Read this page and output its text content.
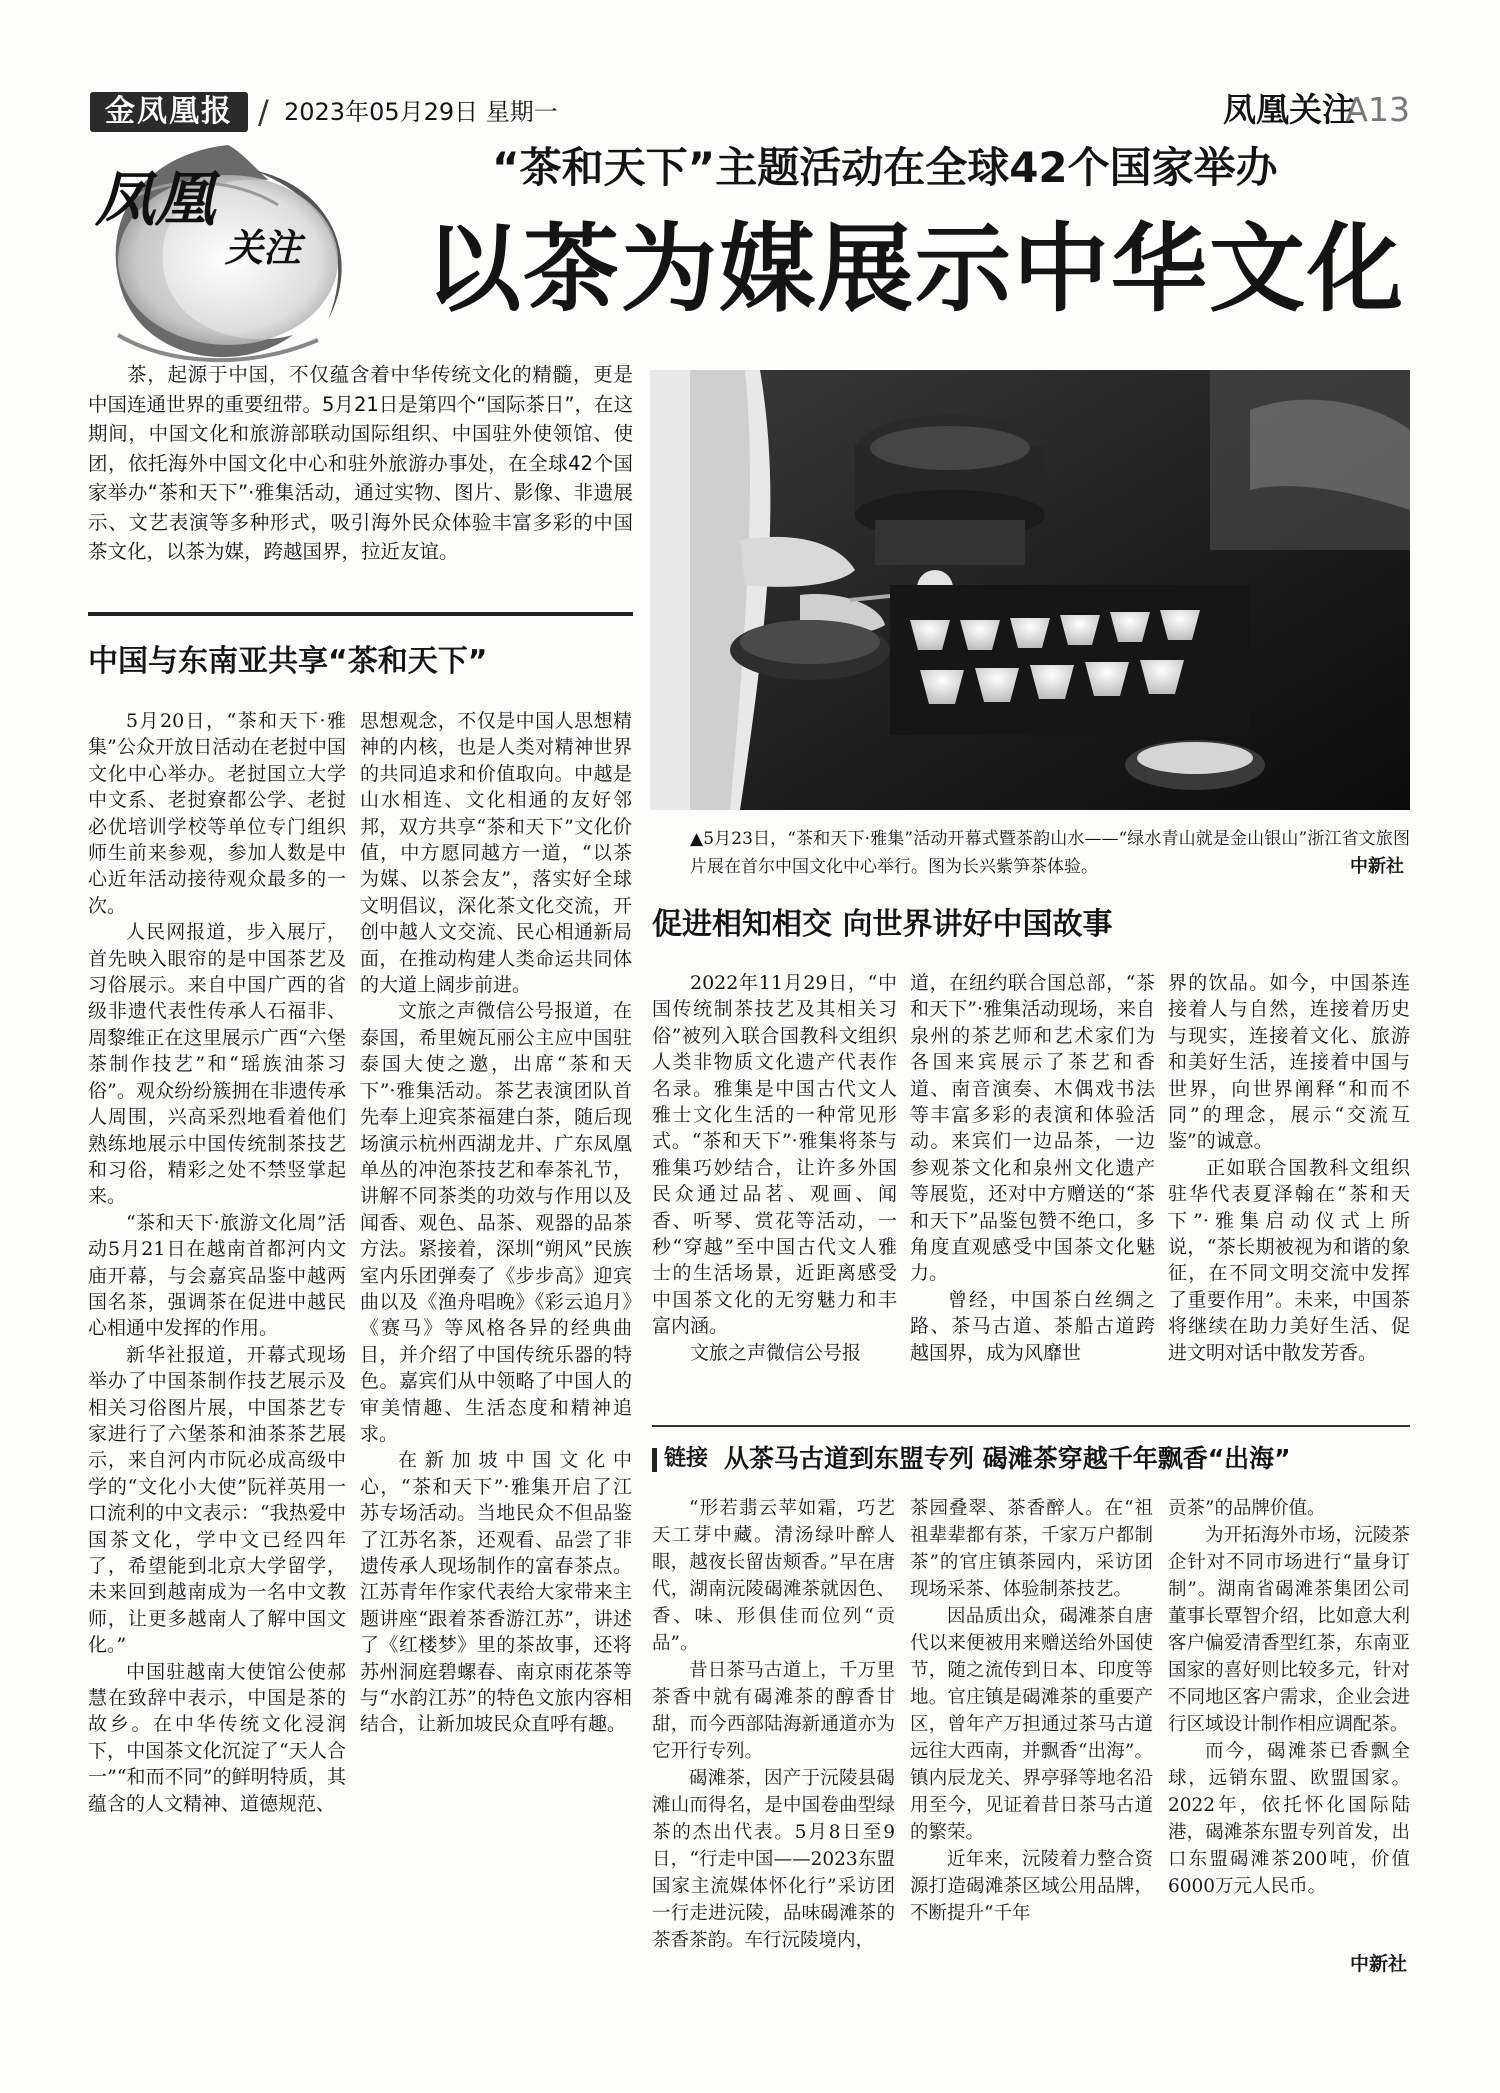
金凤凰报 / 2023年05月29日 星期一	凤凰关注
A13
凤凰
关注
“茶和天下”主题活动在全球42个国家举办
以茶为媒展示中华文化
茶，起源于中国，不仅蕴含着中华传统文化的精髓，更是中国连通世界的重要纽带。5月21日是第四个“国际茶日”，在这期间，中国文化和旅游部联动国际组织、中国驻外使领馆、使团，依托海外中国文化中心和驻外旅游办事处，在全球42个国家举办“茶和天下”·雅集活动，通过实物、图片、影像、非遗展示、文艺表演等多种形式，吸引海外民众体验丰富多彩的中国茶文化，以茶为媒，跨越国界，拉近友谊。
▲5月23日，“茶和天下·雅集”活动开幕式暨茶韵山水——“绿水青山就是金山银山”浙江省文旅图片展在首尔中国文化中心举行。图为长兴紫笋茶体验。	中新社
中国与东南亚共享“茶和天下”

5月20日，“茶和天下·雅集”公众开放日活动在老挝中国文化中心举办。老挝国立大学中文系、老挝寮都公学、老挝必优培训学校等单位专门组织师生前来参观，参加人数是中心近年活动接待观众最多的一次。

人民网报道，步入展厅，首先映入眼帘的是中国茶艺及习俗展示。来自中国广西的省级非遗代表性传承人石福非、周黎维正在这里展示广西“六堡茶制作技艺”和“瑶族油茶习俗”。观众纷纷簇拥在非遗传承人周围，兴高采烈地看着他们熟练地展示中国传统制茶技艺和习俗，精彩之处不禁竖掌起来。

“茶和天下·旅游文化周”活动5月21日在越南首都河内文庙开幕，与会嘉宾品鉴中越两国名茶，强调茶在促进中越民心相通中发挥的作用。

新华社报道，开幕式现场举办了中国茶制作技艺展示及相关习俗图片展，中国茶艺专家进行了六堡茶和油茶茶艺展示，来自河内市阮必成高级中学的“文化小大使”阮祥英用一口流利的中文表示：“我热爱中国茶文化，学中文已经四年了，希望能到北京大学留学，未来回到越南成为一名中文教师，让更多越南人了解中国文化。”

中国驻越南大使馆公使郝慧在致辞中表示，中国是茶的故乡。在中华传统文化浸润下，中国茶文化沉淀了“天人合一”“和而不同”的鲜明特质，其蕴含的人文精神、道德规范、

思想观念，不仅是中国人思想精神的内核，也是人类对精神世界的共同追求和价值取向。中越是山水相连、文化相通的友好邻邦，双方共享“茶和天下”文化价值，中方愿同越方一道，“以茶为媒、以茶会友”，落实好全球文明倡议，深化茶文化交流，开创中越人文交流、民心相通新局面，在推动构建人类命运共同体的大道上阔步前进。

文旅之声微信公号报道，在泰国，希里婉瓦丽公主应中国驻泰国大使之邀，出席“茶和天下”·雅集活动。茶艺表演团队首先奉上迎宾茶福建白茶，随后现场演示杭州西湖龙井、广东凤凰单丛的冲泡茶技艺和奉茶礼节，讲解不同茶类的功效与作用以及闻香、观色、品茶、观器的品茶方法。紧接着，深圳“朔风”民族室内乐团弹奏了《步步高》迎宾曲以及《渔舟唱晚》《彩云追月》《赛马》等风格各异的经典曲目，并介绍了中国传统乐器的特色。嘉宾们从中领略了中国人的审美情趣、生活态度和精神追求。

在新加坡中国文化中心，“茶和天下”·雅集开启了江苏专场活动。当地民众不但品鉴了江苏名茶，还观看、品尝了非遗传承人现场制作的富春茶点。江苏青年作家代表给大家带来主题讲座“跟着茶香游江苏”，讲述了《红楼梦》里的茶故事，还将苏州洞庭碧螺春、南京雨花茶等与“水韵江苏”的特色文旅内容相结合，让新加坡民众直呼有趣。

促进相知相交 向世界讲好中国故事

2022年11月29日，“中国传统制茶技艺及其相关习俗”被列入联合国教科文组织人类非物质文化遗产代表作名录。雅集是中国古代文人雅士文化生活的一种常见形式。“茶和天下”·雅集将茶与雅集巧妙结合，让许多外国民众通过品茗、观画、闻香、听琴、赏花等活动，一秒“穿越”至中国古代文人雅士的生活场景，近距离感受中国茶文化的无穷魅力和丰富内涵。

文旅之声微信公号报

道，在纽约联合国总部，“茶和天下”·雅集活动现场，来自泉州的茶艺师和艺术家们为各国来宾展示了茶艺和香道、南音演奏、木偶戏书法等丰富多彩的表演和体验活动。来宾们一边品茶，一边参观茶文化和泉州文化遗产等展览，还对中方赠送的“茶和天下”品鉴包赞不绝口，多角度直观感受中国茶文化魅力。

曾经，中国茶白丝绸之路、茶马古道、茶船古道跨越国界，成为风靡世

界的饮品。如今，中国茶连接着人与自然，连接着历史与现实，连接着文化、旅游和美好生活，连接着中国与世界，向世界阐释“和而不同”的理念，展示“交流互鉴”的诚意。

正如联合国教科文组织驻华代表夏泽翰在“茶和天下”·雅集启动仪式上所说，“茶长期被视为和谐的象征，在不同文明交流中发挥了重要作用”。未来，中国茶将继续在助力美好生活、促进文明对话中散发芳香。

链接 从茶马古道到东盟专列 碣滩茶穿越千年飘香“出海”

“形若翡云苹如霜，巧艺天工芽中藏。清汤绿叶醉人眼，越夜长留齿颊香。”早在唐代，湖南沅陵碣滩茶就因色、香、味、形俱佳而位列“贡品”。

昔日茶马古道上，千万里茶香中就有碣滩茶的醇香甘甜，而今西部陆海新通道亦为它开行专列。

碣滩茶，因产于沅陵县碣滩山而得名，是中国卷曲型绿茶的杰出代表。5月8日至9日，“行走中国——2023东盟国家主流媒体怀化行”采访团一行走进沅陵，品味碣滩茶的茶香茶韵。车行沅陵境内，

茶园叠翠、茶香醉人。在“祖祖辈辈都有茶，千家万户都制茶”的官庄镇茶园内，采访团现场采茶、体验制茶技艺。

因品质出众，碣滩茶自唐代以来便被用来赠送给外国使节，随之流传到日本、印度等地。官庄镇是碣滩茶的重要产区，曾年产万担通过茶马古道远往大西南，并飘香“出海”。镇内辰龙关、界亭驿等地名沿用至今，见证着昔日茶马古道的繁荣。

近年来，沅陵着力整合资源打造碣滩茶区域公用品牌，不断提升“千年

贡茶”的品牌价值。

为开拓海外市场，沅陵茶企针对不同市场进行“量身订制”。湖南省碣滩茶集团公司董事长覃智介绍，比如意大利客户偏爱清香型红茶，东南亚国家的喜好则比较多元，针对不同地区客户需求，企业会进行区域设计制作相应调配茶。

而今，碣滩茶已香飘全球，远销东盟、欧盟国家。2022年，依托怀化国际陆港，碣滩茶东盟专列首发，出口东盟碣滩茶200吨，价值6000万元人民币。

中新社
